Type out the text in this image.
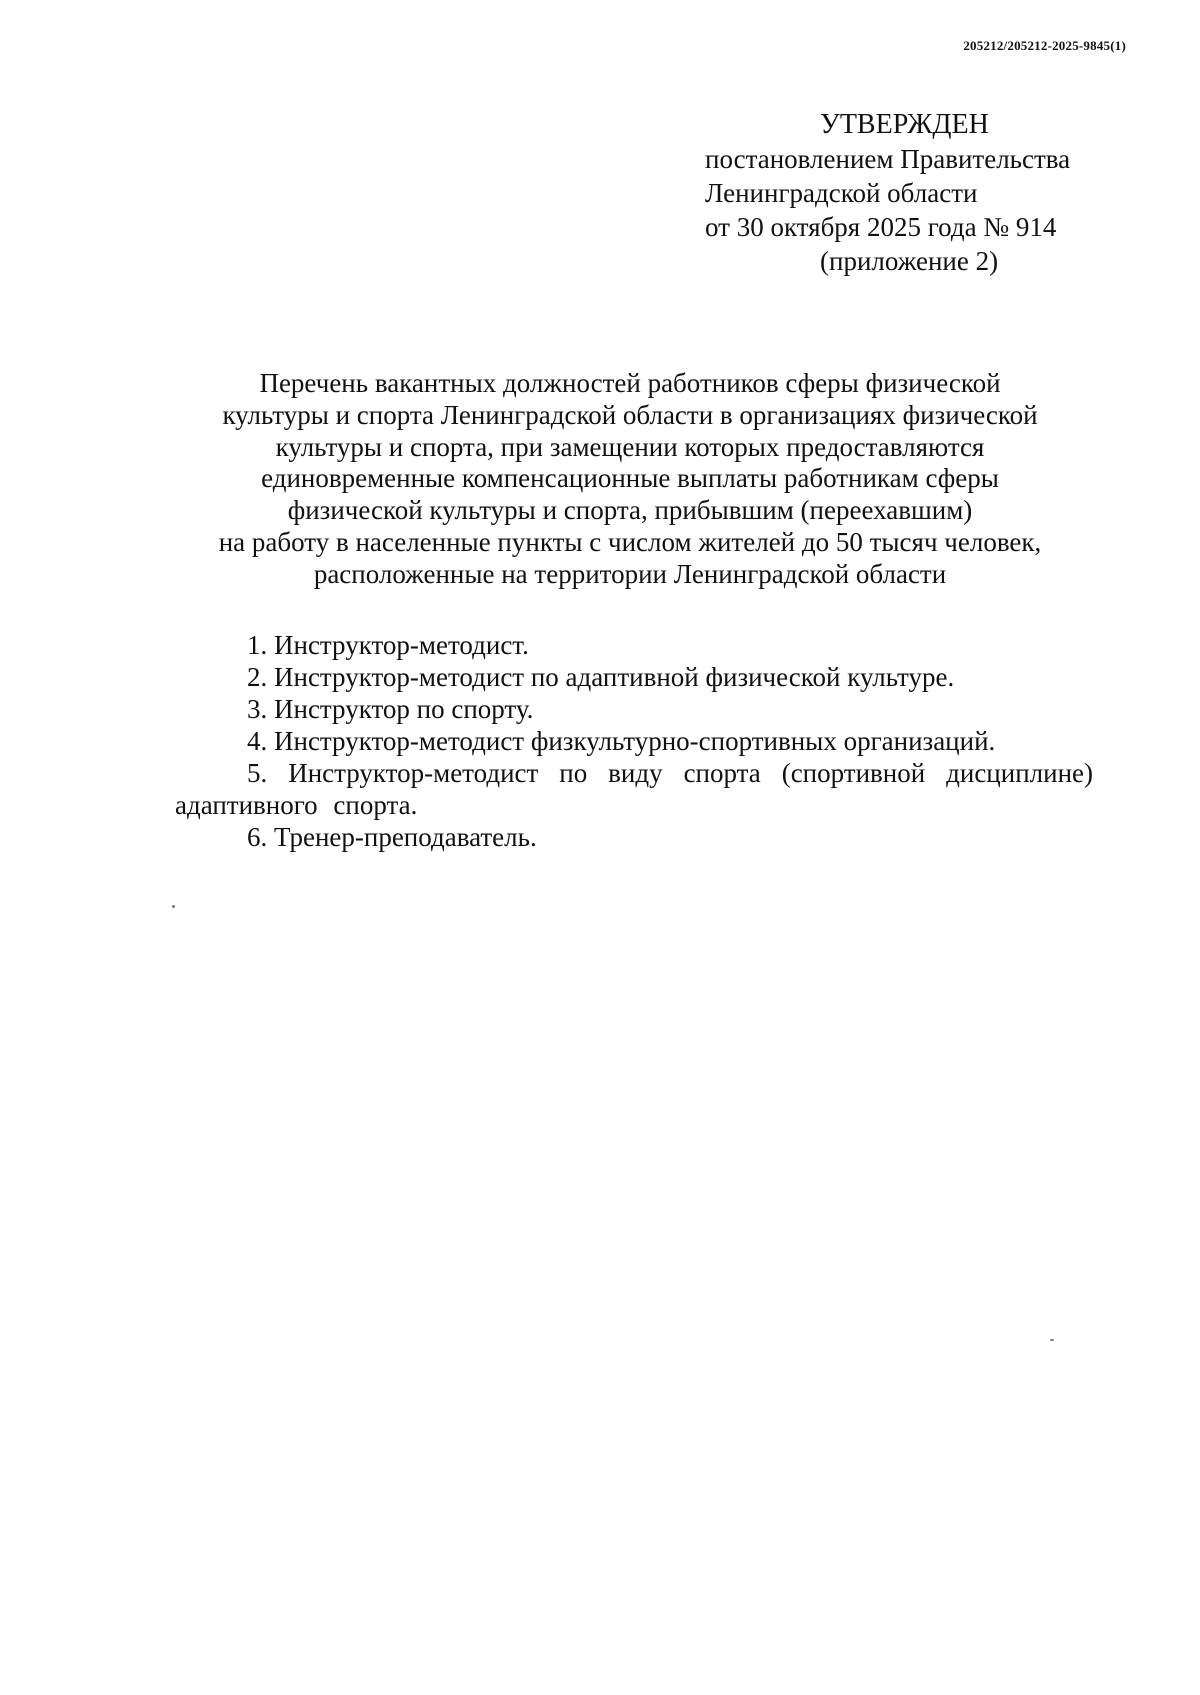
205212/205212-2025-9845(1)
УТВЕРЖДЕН
постановлением Правительства
Ленинградской области
от 30 октября 2025 года № 914
(приложение 2)
Перечень вакантных должностей работников сферы физической
культуры и спорта Ленинградской области в организациях физической
культуры и спорта, при замещении которых предоставляются
единовременные компенсационные выплаты работникам сферы
физической культуры и спорта, прибывшим (переехавшим)
на работу в населенные пункты с числом жителей до 50 тысяч человек,
расположенные на территории Ленинградской области
1. Инструктор-методист.
2. Инструктор-методист по адаптивной физической культуре.
3. Инструктор по спорту.
4. Инструктор-методист физкультурно-спортивных организаций.
5. Инструктор-методист по виду спорта (спортивной дисциплине) адаптивного спорта.
6. Тренер-преподаватель.
